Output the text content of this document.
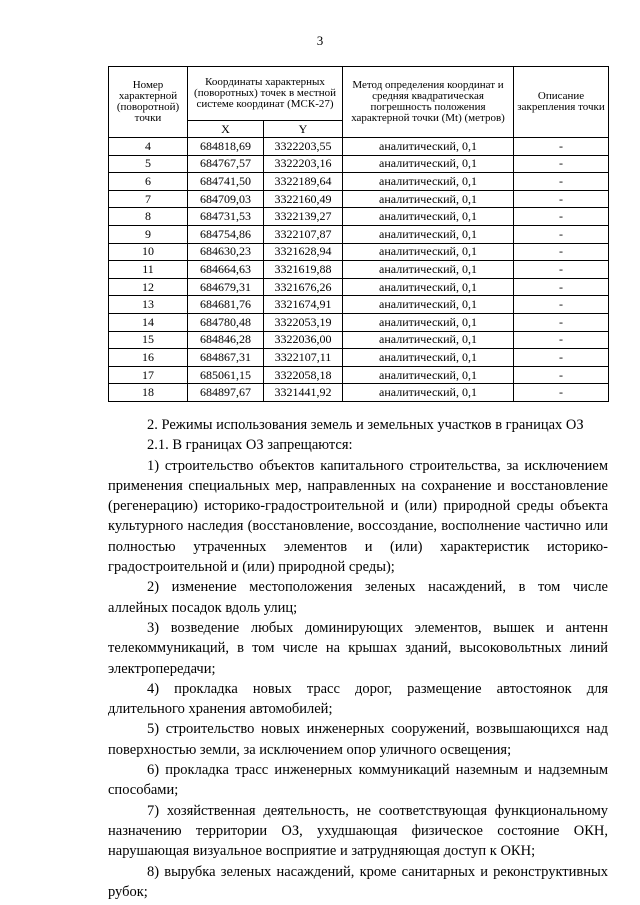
3
Номер характерной (поворотной) точки	Координаты характерных (поворотных) точек в местной системе координат (МСК-27)		Метод определения координат и средняя квадратическая погрешность положения характерной точки (Mt) (метров)	Описание закрепления точки
	X	Y		
4	684818,69	3322203,55	аналитический, 0,1	-
5	684767,57	3322203,16	аналитический, 0,1	-
6	684741,50	3322189,64	аналитический, 0,1	-
7	684709,03	3322160,49	аналитический, 0,1	-
8	684731,53	3322139,27	аналитический, 0,1	-
9	684754,86	3322107,87	аналитический, 0,1	-
10	684630,23	3321628,94	аналитический, 0,1	-
11	684664,63	3321619,88	аналитический, 0,1	-
12	684679,31	3321676,26	аналитический, 0,1	-
13	684681,76	3321674,91	аналитический, 0,1	-
14	684780,48	3322053,19	аналитический, 0,1	-
15	684846,28	3322036,00	аналитический, 0,1	-
16	684867,31	3322107,11	аналитический, 0,1	-
17	685061,15	3322058,18	аналитический, 0,1	-
18	684897,67	3321441,92	аналитический, 0,1	-

2. Режимы использования земель и земельных участков в границах ОЗ

2.1. В границах ОЗ запрещаются:

1) строительство объектов капитального строительства, за исключением применения специальных мер, направленных на сохранение и восстановление (регенерацию) историко-градостроительной и (или) природной среды объекта культурного наследия (восстановление, воссоздание, восполнение частично или полностью утраченных элементов и (или) характеристик историко-градостроительной и (или) природной среды);

2) изменение местоположения зеленых насаждений, в том числе аллейных посадок вдоль улиц;

3) возведение любых доминирующих элементов, вышек и антенн телекоммуникаций, в том числе на крышах зданий, высоковольтных линий электропередачи;

4) прокладка новых трасс дорог, размещение автостоянок для длительного хранения автомобилей;

5) строительство новых инженерных сооружений, возвышающихся над поверхностью земли, за исключением опор уличного освещения;

6) прокладка трасс инженерных коммуникаций наземным и надземным способами;

7) хозяйственная деятельность, не соответствующая функциональному назначению территории ОЗ, ухудшающая физическое состояние ОКН, нарушающая визуальное восприятие и затрудняющая доступ к ОКН;

8) вырубка зеленых насаждений, кроме санитарных и реконструктивных рубок;
